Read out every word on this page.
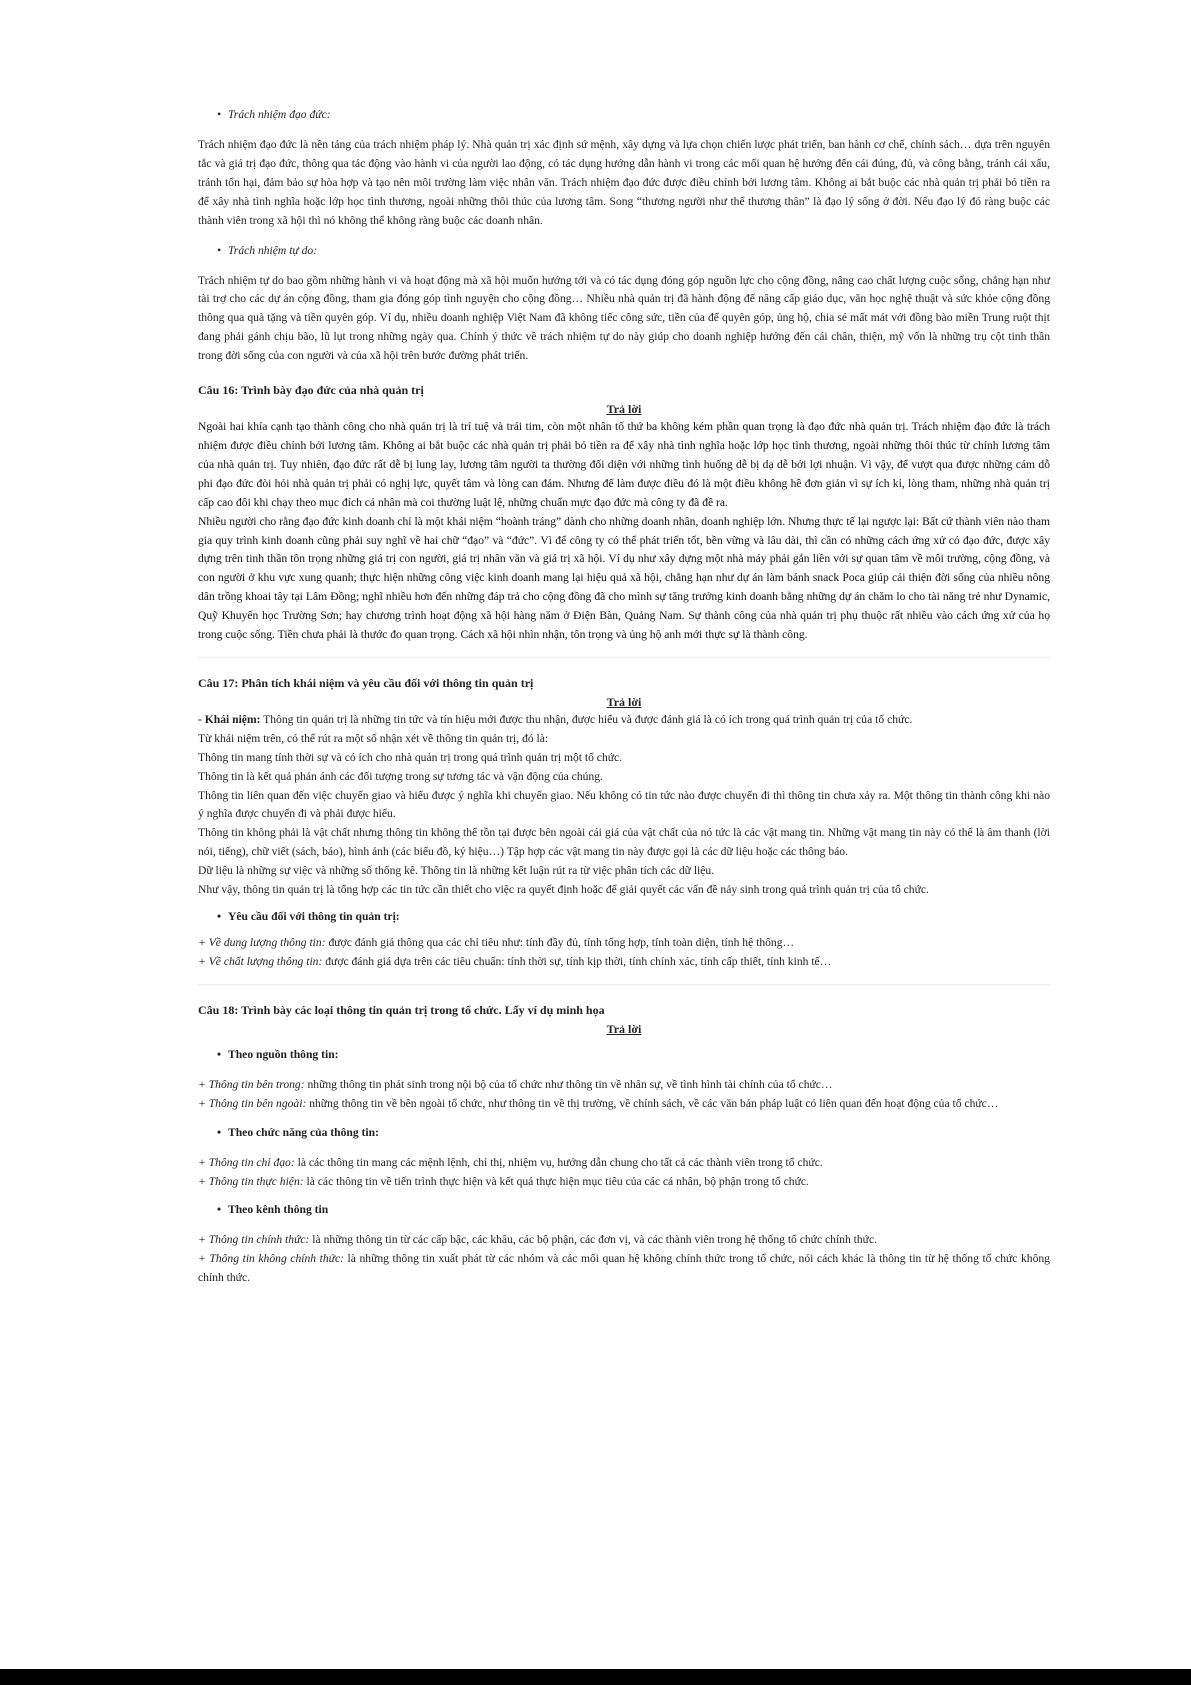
• Trách nhiệm đạo đức:

Trách nhiệm đạo đức là nền tảng của trách nhiệm pháp lý. Nhà quản trị xác định sứ mệnh, xây dựng và lựa chọn chiến lược phát triển, ban hành cơ chế, chính sách… dựa trên nguyên tắc và giá trị đạo đức, thông qua tác động vào hành vi của người lao động, có tác dụng hướng dẫn hành vi trong các mối quan hệ hướng đến cái đúng, đủ, và công bằng, tránh cái xấu, tránh tổn hại, đảm bảo sự hòa hợp và tạo nên môi trường làm việc nhân văn. Trách nhiệm đạo đức được điều chỉnh bởi lương tâm. Không ai bắt buộc các nhà quản trị phải bỏ tiền ra để xây nhà tình nghĩa hoặc lớp học tình thương, ngoài những thôi thúc của lương tâm. Song “thương người như thể thương thân” là đạo lý sống ở đời. Nếu đạo lý đó ràng buộc các thành viên trong xã hội thì nó không thể không ràng buộc các doanh nhân.

• Trách nhiệm tự do:

Trách nhiệm tự do bao gồm những hành vi và hoạt động mà xã hội muốn hướng tới và có tác dụng đóng góp nguồn lực cho cộng đồng, nâng cao chất lượng cuộc sống, chẳng hạn như tài trợ cho các dự án cộng đồng, tham gia đóng góp tình nguyện cho cộng đồng… Nhiều nhà quản trị đã hành động để nâng cấp giáo dục, văn học nghệ thuật và sức khỏe cộng đồng thông qua quà tặng và tiền quyên góp. Ví dụ, nhiều doanh nghiệp Việt Nam đã không tiếc công sức, tiền của để quyên góp, ủng hộ, chia sẻ mất mát với đồng bào miền Trung ruột thịt đang phải gánh chịu bão, lũ lụt trong những ngày qua. Chính ý thức về trách nhiệm tự do này giúp cho doanh nghiệp hướng đến cái chân, thiện, mỹ vốn là những trụ cột tinh thần trong đời sống của con người và của xã hội trên bước đường phát triển.

Câu 16: Trình bày đạo đức của nhà quản trị
Trả lời

Ngoài hai khía cạnh tạo thành công cho nhà quản trị là trí tuệ và trái tim, còn một nhân tố thứ ba không kém phần quan trọng là đạo đức nhà quản trị. Trách nhiệm đạo đức là trách nhiệm được điều chỉnh bởi lương tâm. Không ai bắt buộc các nhà quản trị phải bỏ tiền ra để xây nhà tình nghĩa hoặc lớp học tình thương, ngoài những thôi thúc từ chính lương tâm của nhà quản trị. Tuy nhiên, đạo đức rất dễ bị lung lay, lương tâm người ta thường đối diện với những tình huống dễ bị dạ dễ bởi lợi nhuận. Vì vậy, để vượt qua được những cám dỗ phi đạo đức đòi hỏi nhà quản trị phải có nghị lực, quyết tâm và lòng can đảm. Nhưng để làm được điều đó là một điều không hề đơn giản vì sự ích kỉ, lòng tham, những nhà quản trị cấp cao đôi khi chạy theo mục đích cá nhân mà coi thường luật lệ, những chuẩn mực đạo đức mà công ty đã đề ra.

Nhiều người cho rằng đạo đức kinh doanh chỉ là một khái niệm “hoành tráng” dành cho những doanh nhân, doanh nghiệp lớn. Nhưng thực tế lại ngược lại: Bất cứ thành viên nào tham gia quy trình kinh doanh cũng phải suy nghĩ về hai chữ “đạo” và “đức”. Vì để công ty có thể phát triển tốt, bền vững và lâu dài, thì cần có những cách ứng xử có đạo đức, được xây dựng trên tinh thần tôn trọng những giá trị con người, giá trị nhân văn và giá trị xã hội. Ví dụ như xây dựng một nhà máy phải gắn liền với sự quan tâm về môi trường, cộng đồng, và con người ở khu vực xung quanh; thực hiện những công việc kinh doanh mang lại hiệu quả xã hội, chẳng hạn như dự án làm bánh snack Poca giúp cải thiện đời sống của nhiều nông dân trồng khoai tây tại Lâm Đồng; nghĩ nhiều hơn đến những đáp trả cho cộng đồng đã cho mình sự tăng trưởng kinh doanh bằng những dự án chăm lo cho tài năng trẻ như Dynamic, Quỹ Khuyến học Trường Sơn; hay chương trình hoạt động xã hội hàng năm ở Điện Bàn, Quảng Nam. Sự thành công của nhà quản trị phụ thuộc rất nhiều vào cách ứng xử của họ trong cuộc sống. Tiền chưa phải là thước đo quan trọng. Cách xã hội nhìn nhận, tôn trọng và ủng hộ anh mới thực sự là thành công.

Câu 17: Phân tích khái niệm và yêu cầu đối với thông tin quản trị
Trả lời

- Khái niệm: Thông tin quản trị là những tin tức và tín hiệu mới được thu nhận, được hiểu và được đánh giá là có ích trong quá trình quản trị của tổ chức.

Từ khái niệm trên, có thể rút ra một số nhận xét về thông tin quản trị, đó là:

Thông tin mang tính thời sự và có ích cho nhà quản trị trong quá trình quản trị một tổ chức.

Thông tin là kết quả phản ánh các đối tượng trong sự tương tác và vận động của chúng.

Thông tin liên quan đến việc chuyển giao và hiểu được ý nghĩa khi chuyển giao. Nếu không có tin tức nào được chuyển đi thì thông tin chưa xảy ra. Một thông tin thành công khi nào ý nghĩa được chuyển đi và phải được hiểu.

Thông tin không phải là vật chất nhưng thông tin không thể tồn tại được bên ngoài cái giá của vật chất của nó tức là các vật mang tin. Những vật mang tin này có thể là âm thanh (lời nói, tiếng), chữ viết (sách, báo), hình ảnh (các biểu đồ, ký hiệu…) Tập hợp các vật mang tin này được gọi là các dữ liệu hoặc các thông báo.

Dữ liệu là những sự việc và những số thống kê. Thông tin là những kết luận rút ra từ việc phân tích các dữ liệu.

Như vậy, thông tin quản trị là tổng hợp các tin tức cần thiết cho việc ra quyết định hoặc để giải quyết các vấn đề nảy sinh trong quá trình quản trị của tổ chức.

• Yêu cầu đối với thông tin quản trị:

+ Về dung lượng thông tin: được đánh giá thông qua các chỉ tiêu như: tính đầy đủ, tính tổng hợp, tính toàn diện, tính hệ thống…

+ Về chất lượng thông tin: được đánh giá dựa trên các tiêu chuẩn: tính thời sự, tính kịp thời, tính chính xác, tính cấp thiết, tính kinh tế…

Câu 18: Trình bày các loại thông tin quản trị trong tổ chức. Lấy ví dụ minh họa
Trả lời
• Theo nguồn thông tin:

+ Thông tin bên trong: những thông tin phát sinh trong nội bộ của tổ chức như thông tin về nhân sự, về tình hình tài chính của tổ chức…

+ Thông tin bên ngoài: những thông tin về bên ngoài tổ chức, như thông tin về thị trường, về chính sách, về các văn bản pháp luật có liên quan đến hoạt động của tổ chức…

• Theo chức năng của thông tin:

+ Thông tin chỉ đạo: là các thông tin mang các mệnh lệnh, chỉ thị, nhiệm vụ, hướng dẫn chung cho tất cả các thành viên trong tổ chức.

+ Thông tin thực hiện: là các thông tin về tiến trình thực hiện và kết quả thực hiện mục tiêu của các cá nhân, bộ phận trong tổ chức.

• Theo kênh thông tin

+ Thông tin chính thức: là những thông tin từ các cấp bậc, các khâu, các bộ phận, các đơn vị, và các thành viên trong hệ thống tổ chức chính thức.

+ Thông tin không chính thức: là những thông tin xuất phát từ các nhóm và các mối quan hệ không chính thức trong tổ chức, nói cách khác là thông tin từ hệ thống tổ chức không chính thức.
